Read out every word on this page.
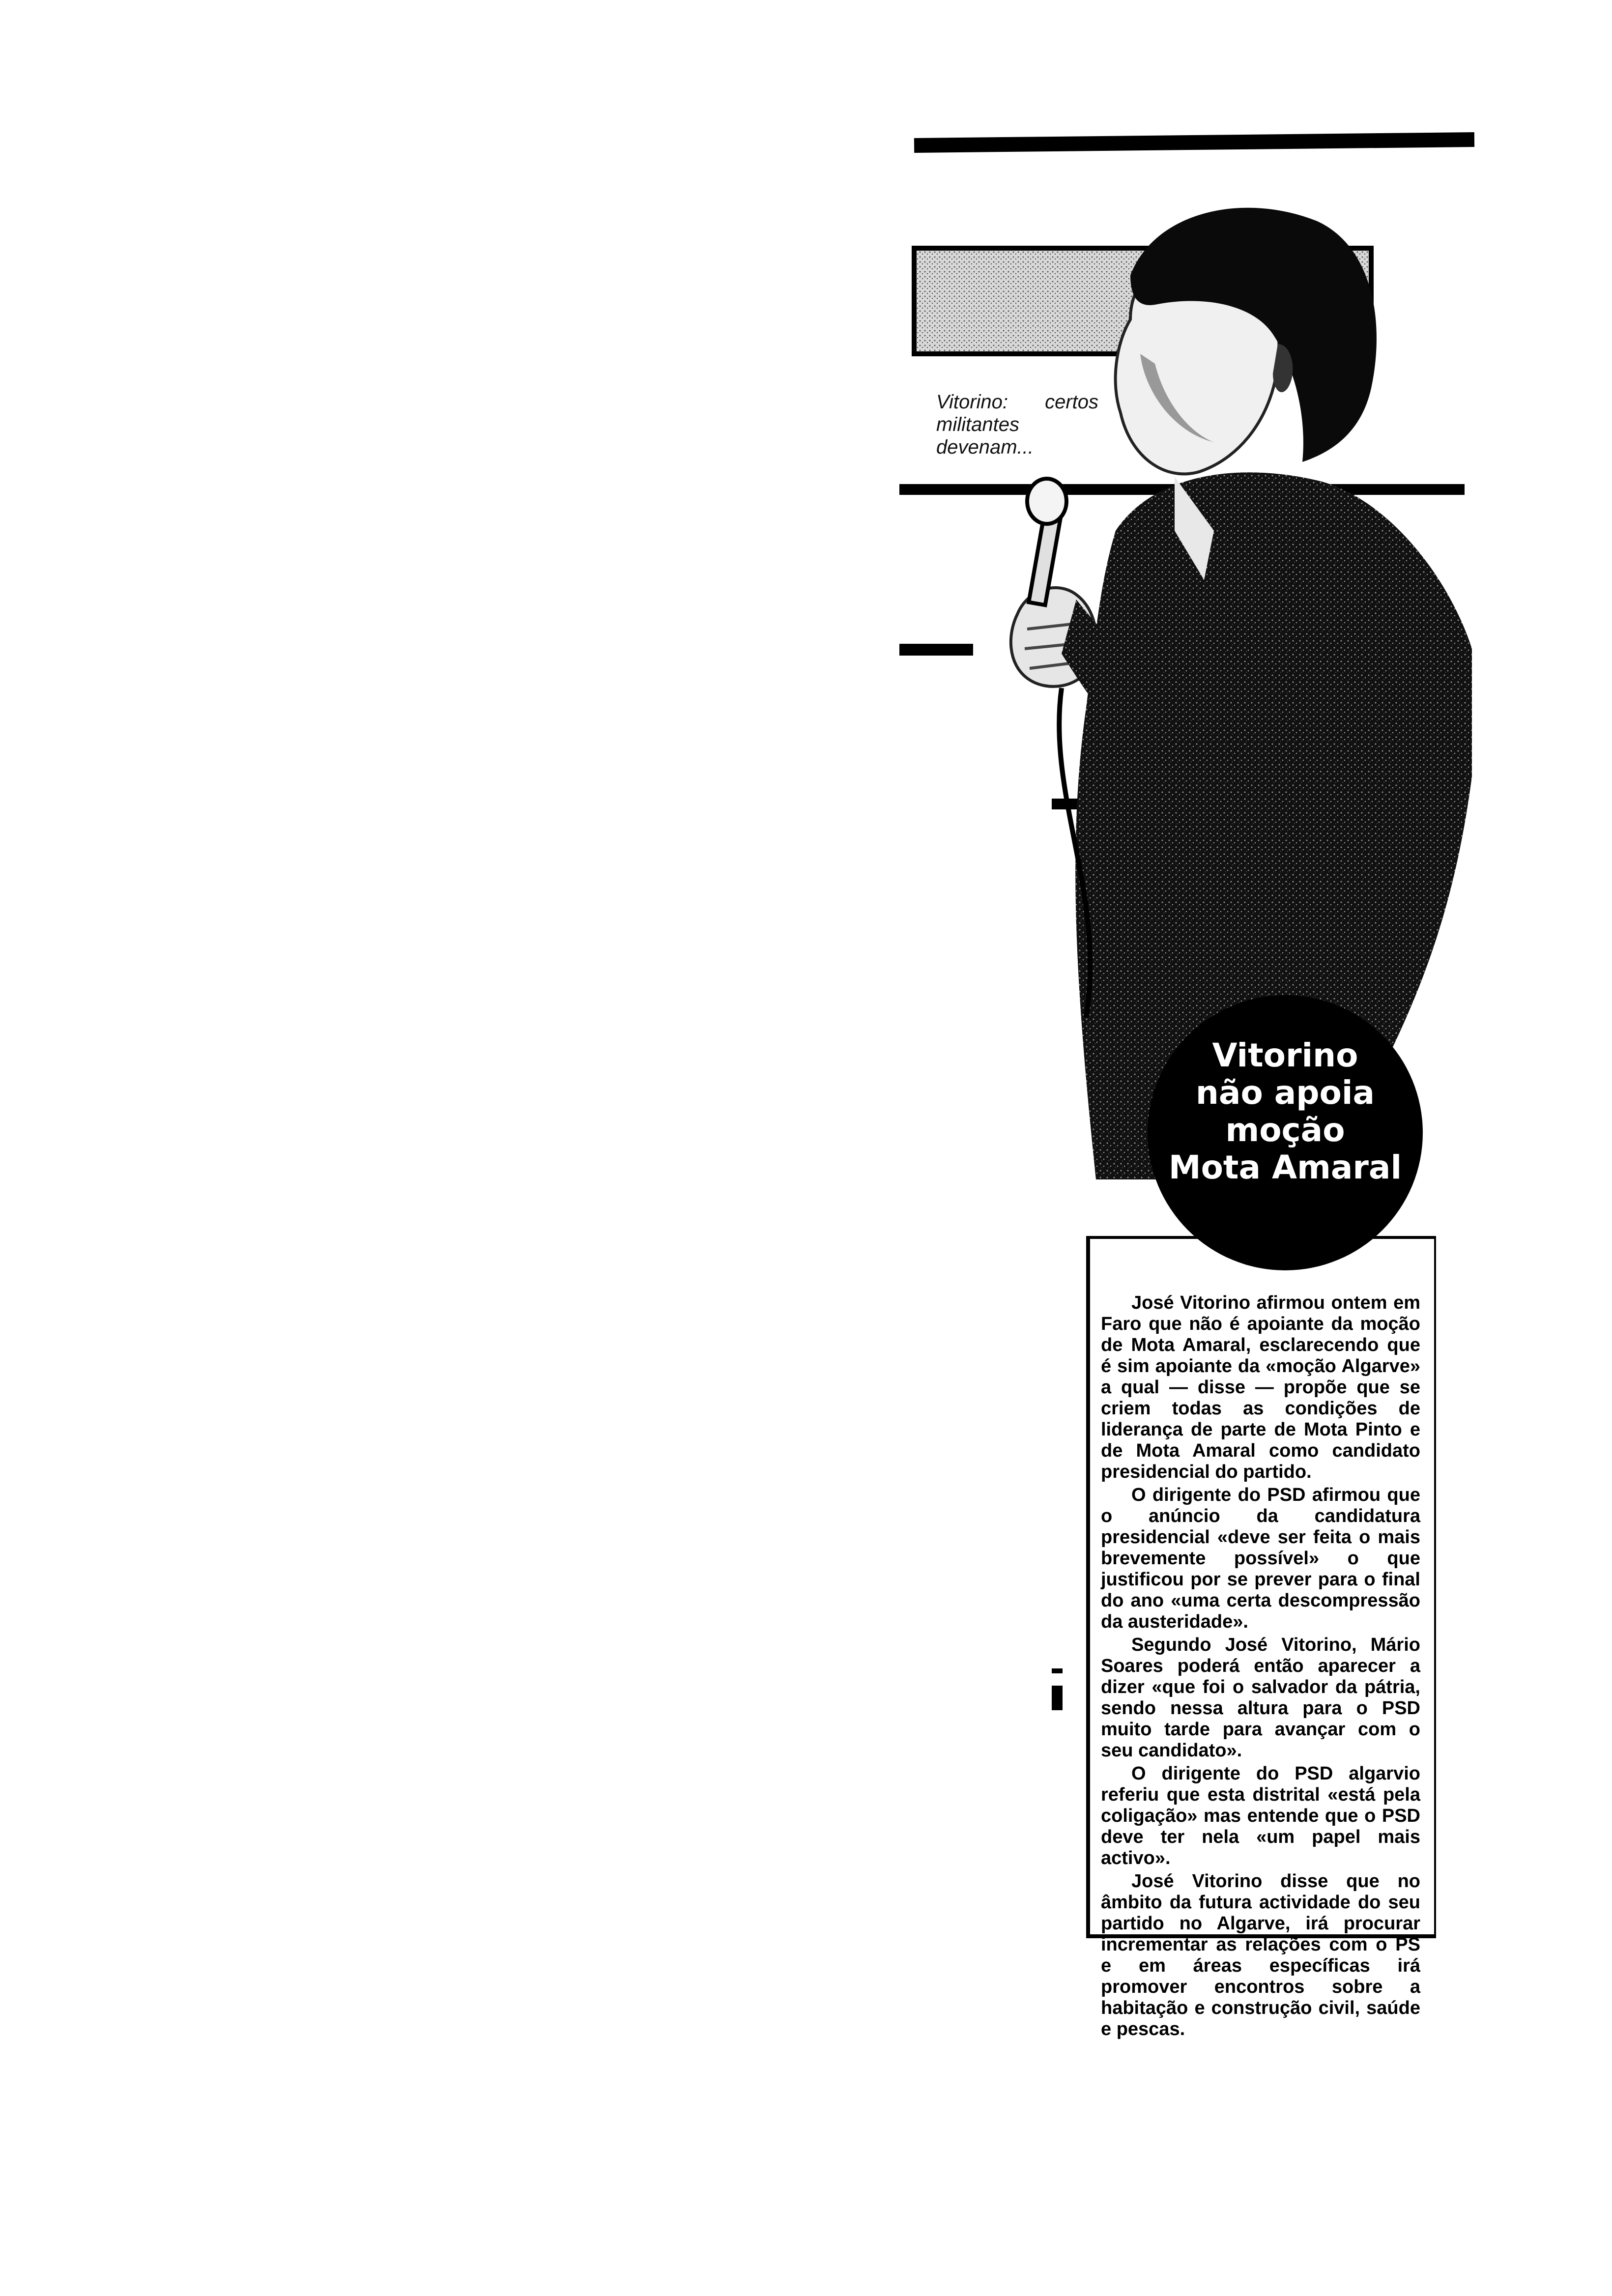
Vitorino: certos militantes devenam...
Vitorino
não apoia
moção
Mota Amaral

José Vitorino afirmou ontem em Faro que não é apoiante da moção de Mota Amaral, esclarecendo que é sim apoiante da «moção Algarve» a qual — disse — propõe que se criem todas as condições de liderança de parte de Mota Pinto e de Mota Amaral como candidato presidencial do partido.

O dirigente do PSD afirmou que o anúncio da candidatura presidencial «deve ser feita o mais brevemente possível» o que justificou por se prever para o final do ano «uma certa descompressão da austeridade».

Segundo José Vitorino, Mário Soares poderá então aparecer a dizer «que foi o salvador da pátria, sendo nessa altura para o PSD muito tarde para avançar com o seu candidato».

O dirigente do PSD algarvio referiu que esta distrital «está pela coligação» mas entende que o PSD deve ter nela «um papel mais activo».

José Vitorino disse que no âmbito da futura actividade do seu partido no Algarve, irá procurar incrementar as relações com o PS e em áreas específicas irá promover encontros sobre a habitação e construção civil, saúde e pescas.
